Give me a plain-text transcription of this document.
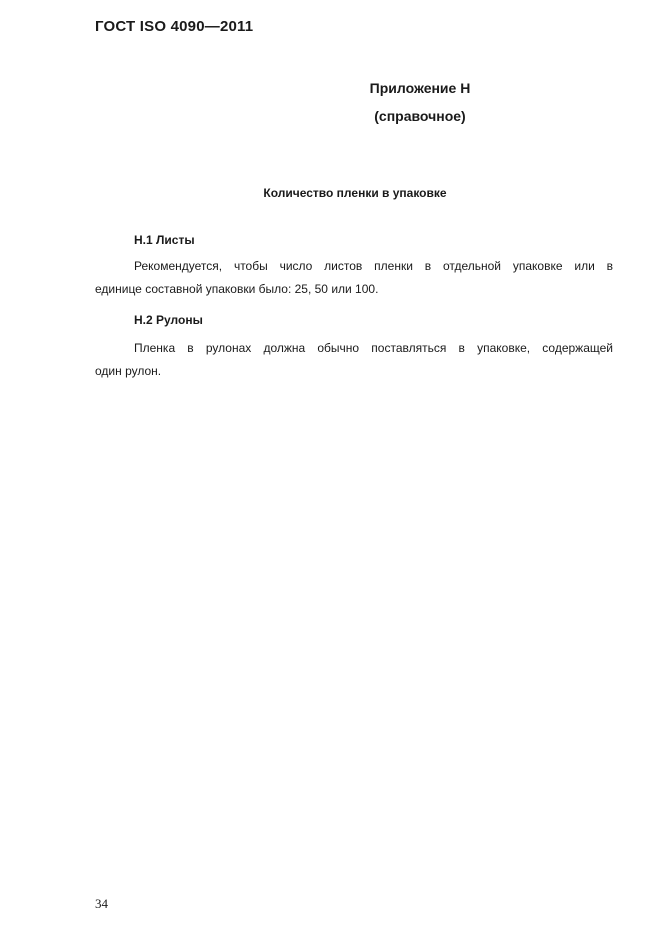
ГОСТ ISO 4090—2011
Приложение Н
(справочное)
Количество пленки в упаковке
Н.1 Листы
Рекомендуется, чтобы число листов пленки в отдельной упаковке или в
единице составной упаковки было: 25, 50 или 100.
Н.2 Рулоны
Пленка в рулонах должна обычно поставляться в упаковке, содержащей
один рулон.
34
